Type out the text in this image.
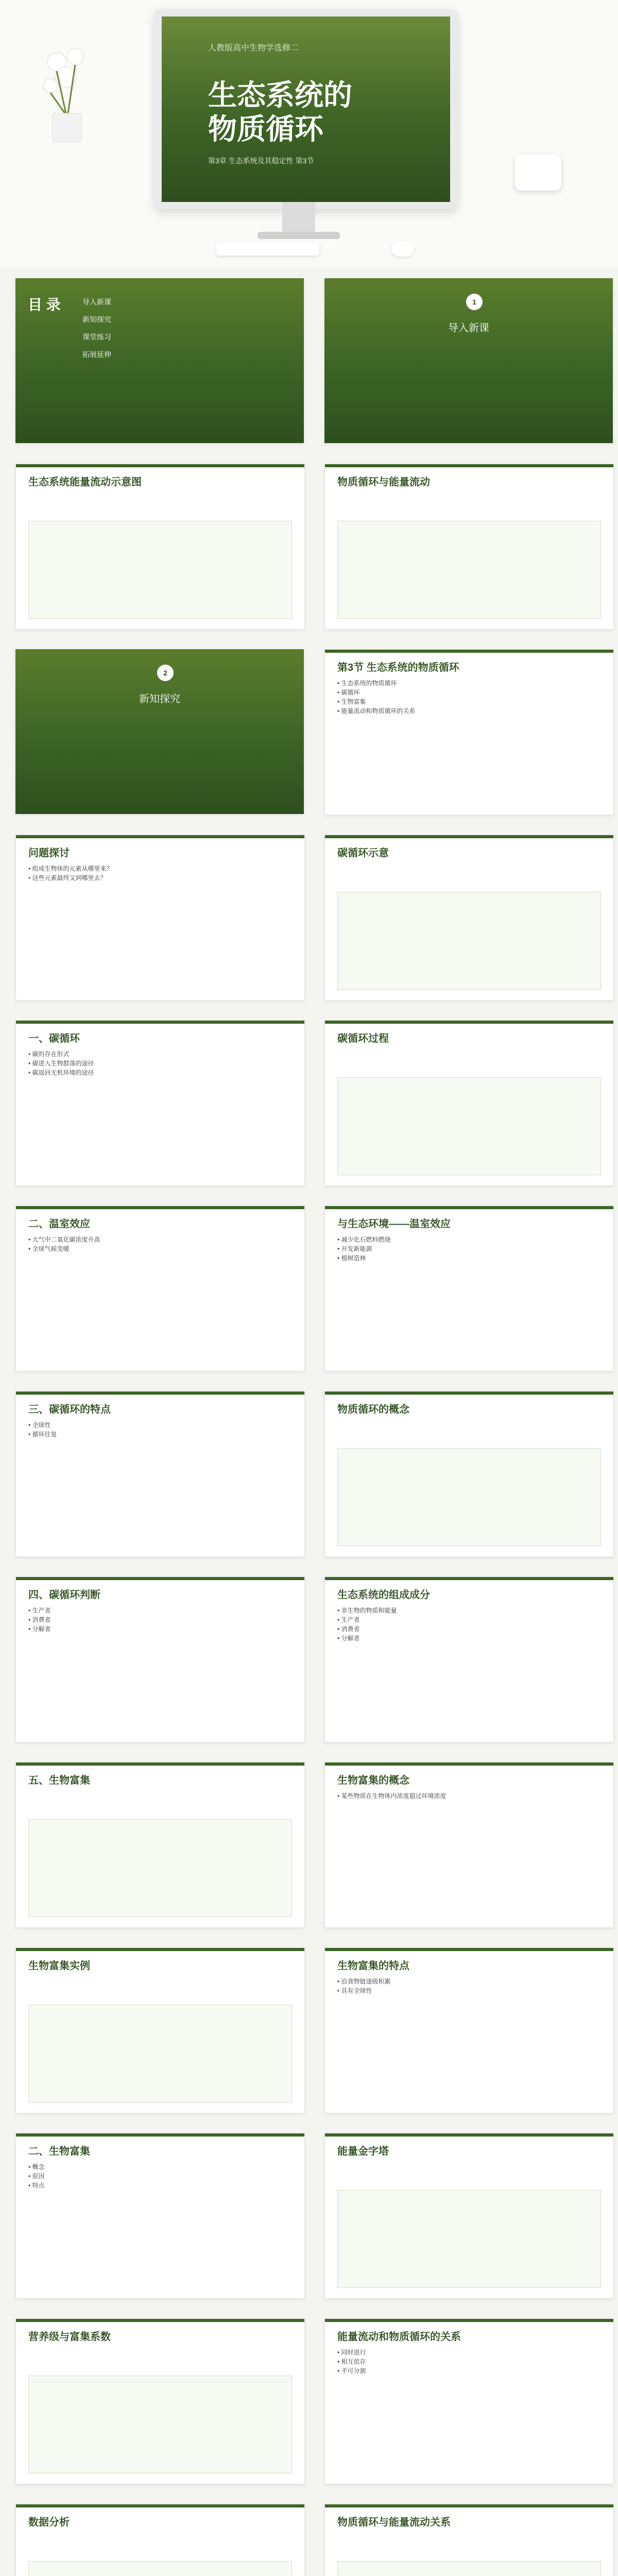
人教版高中生物学选修二
生态系统的
物质循环
第3章 生态系统及其稳定性 第3节
目 录	导入新课
新知探究
课堂练习
拓展延伸
1
导入新课
生态系统能量流动示意图	物质循环与能量流动
2
新知探究
第3节 生态系统的物质循环
• 生态系统的物质循环
• 碳循环
• 生物富集
• 能量流动和物质循环的关系
问题探讨
• 组成生物体的元素从哪里来？
• 这些元素最终又到哪里去？
碳循环示意
一、碳循环
• 碳的存在形式
• 碳进入生物群落的途径
• 碳返回无机环境的途径
碳循环过程
二、温室效应
• 大气中二氧化碳浓度升高
• 全球气候变暖
与生态环境——温室效应
• 减少化石燃料燃烧
• 开发新能源
• 植树造林
三、碳循环的特点
• 全球性
• 循环往复
物质循环的概念
四、碳循环判断
• 生产者
• 消费者
• 分解者
生态系统的组成成分
• 非生物的物质和能量
• 生产者
• 消费者
• 分解者
五、生物富集	生物富集的概念
• 某些物质在生物体内浓度超过环境浓度
生物富集实例	生物富集的特点
• 沿食物链逐级积累
• 具有全球性
二、生物富集
• 概念
• 原因
• 特点
能量金字塔
营养级与富集系数	能量流动和物质循环的关系
• 同时进行
• 相互依存
• 不可分割
数据分析	物质循环与能量流动关系
